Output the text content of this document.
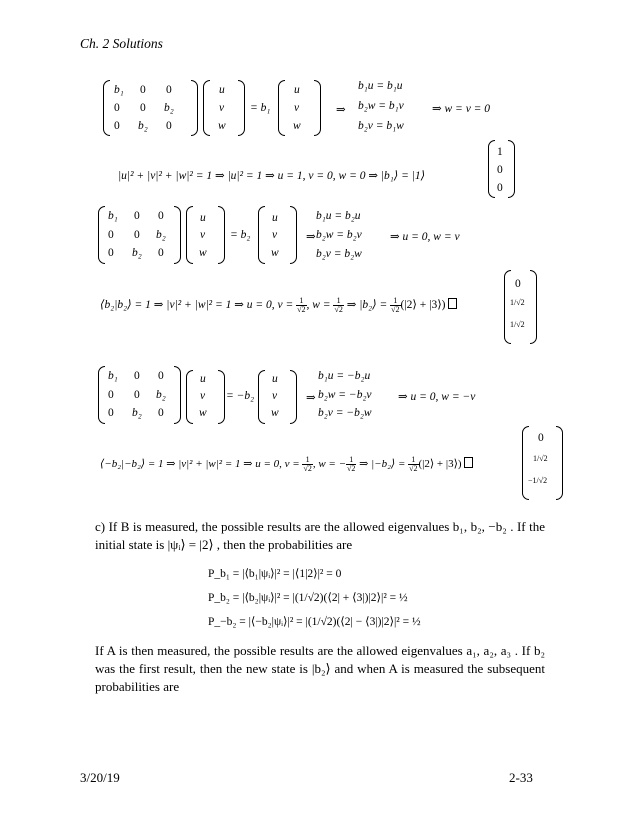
Ch. 2 Solutions
b₁ 0 0
0 0 b₂
0 b₂ 0
u
v
w
= b₁
u
v
w
⇒
b₁u = b₁u
b₂w = b₁v
b₂v = b₁w
⇒ w = v = 0
|u|² + |v|² + |w|² = 1 ⇒ |u|² = 1 ⇒ u = 1, v = 0, w = 0 ⇒ |b₁⟩ = |1⟩
1
0
0
b₁ 0 0
0 0 b₂
0 b₂ 0
u
v
w
= b₂
u
v
w
⇒
b₁u = b₂u
b₂w = b₂v
b₂v = b₂w
⇒ u = 0, w = v
⟨b₂|b₂⟩ = 1 ⇒ |v|² + |w|² = 1 ⇒ u = 0, $v = \frac{1}{√2}$ , $w = \frac{1}{√2}$ ⇒ |b₂⟩ = $\frac{1}{√2}$ (|2⟩ + |3⟩)
0
1/√2
1/√2
b₁ 0 0
0 0 b₂
0 b₂ 0
u
v
w
= −b₂
u
v
w
⇒
b₁u = −b₂u
b₂w = −b₂v
b₂v = −b₂w
⇒ u = 0, w = −v
⟨−b₂|−b₂⟩ = 1 ⇒ |v|² + |w|² = 1 ⇒ u = 0, $v = \frac{1}{√2}$ , w = − $\frac{1}{√2}$ ⇒ |−b₂⟩ = $\frac{1}{√2}$ (|2⟩ + |3⟩)
0
1/√2
−1/√2
c) If B is measured, the possible results are the allowed eigenvalues b₁, b₂, −b₂ . If the initial state is |ψᵢ⟩ = |2⟩ , then the probabilities are
P_b₁ = |⟨b₁|ψᵢ⟩|² = |⟨1|2⟩|² = 0
P_b₂ = |⟨b₂|ψᵢ⟩|² = |(1/√2)(⟨2| + ⟨3|)|2⟩|² = ½
P_−b₂ = |⟨−b₂|ψᵢ⟩|² = |(1/√2)(⟨2| − ⟨3|)|2⟩|² = ½
If A is then measured, the possible results are the allowed eigenvalues a₁, a₂, a₃ . If b₂ was the first result, then the new state is |b₂⟩ and when A is measured the subsequent probabilities are
3/20/19	2-33
